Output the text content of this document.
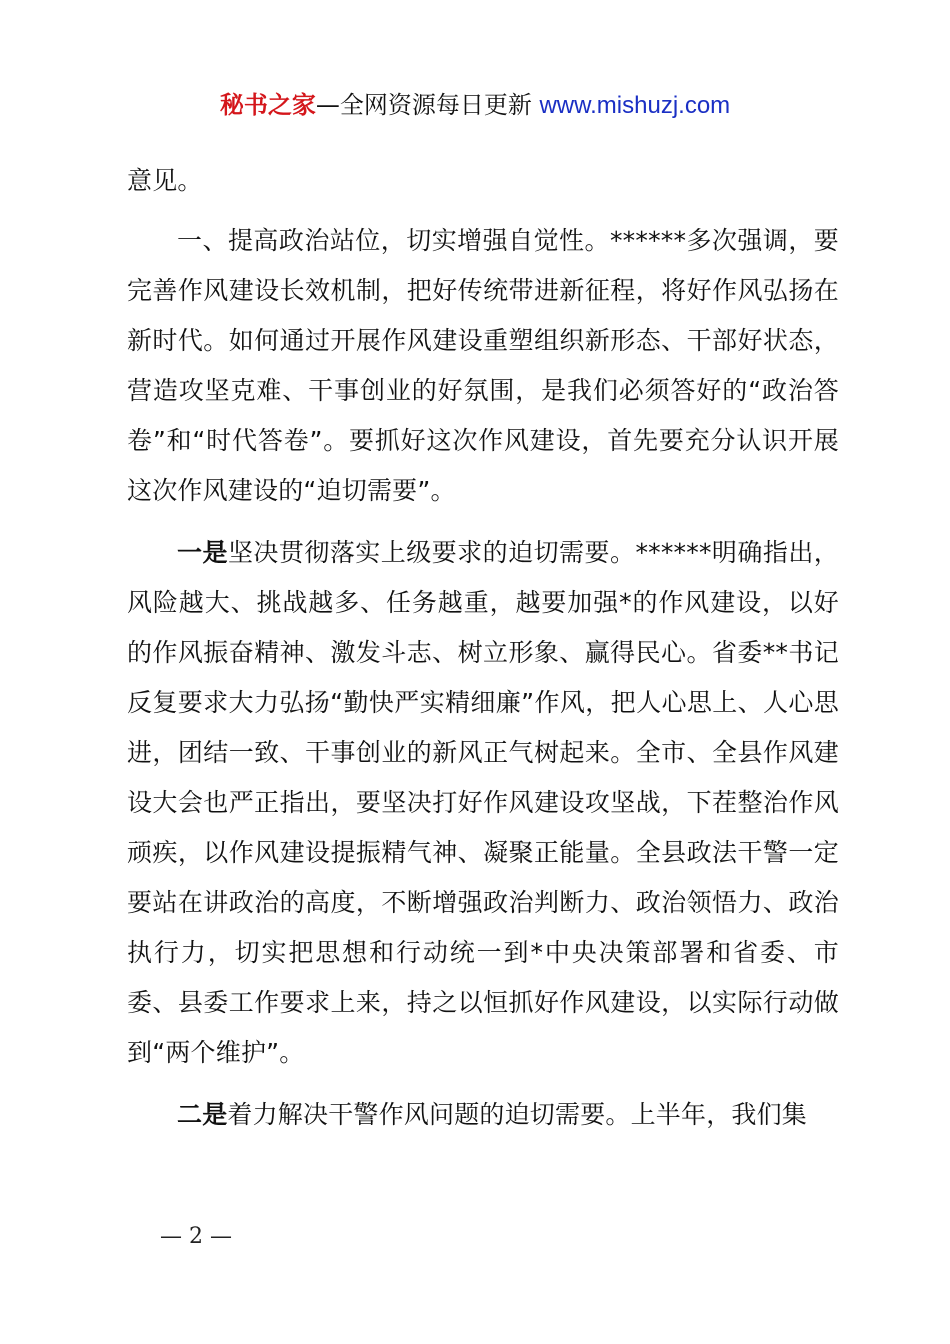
秘书之家—全网资源每日更新 www.mishuzj.com

意见。

一、提高政治站位，切实增强自觉性。******多次强调，要完善作风建设长效机制，把好传统带进新征程，将好作风弘扬在新时代。如何通过开展作风建设重塑组织新形态、干部好状态，营造攻坚克难、干事创业的好氛围，是我们必须答好的“政治答卷”和“时代答卷”。要抓好这次作风建设，首先要充分认识开展这次作风建设的“迫切需要”。

一是坚决贯彻落实上级要求的迫切需要。******明确指出，风险越大、挑战越多、任务越重，越要加强*的作风建设，以好的作风振奋精神、激发斗志、树立形象、赢得民心。省委**书记反复要求大力弘扬“勤快严实精细廉”作风，把人心思上、人心思进，团结一致、干事创业的新风正气树起来。全市、全县作风建设大会也严正指出，要坚决打好作风建设攻坚战，下茬整治作风顽疾，以作风建设提振精气神、凝聚正能量。全县政法干警一定要站在讲政治的高度，不断增强政治判断力、政治领悟力、政治执行力，切实把思想和行动统一到*中央决策部署和省委、市委、县委工作要求上来，持之以恒抓好作风建设，以实际行动做到“两个维护”。

二是着力解决干警作风问题的迫切需要。上半年，我们集

— 2 —
